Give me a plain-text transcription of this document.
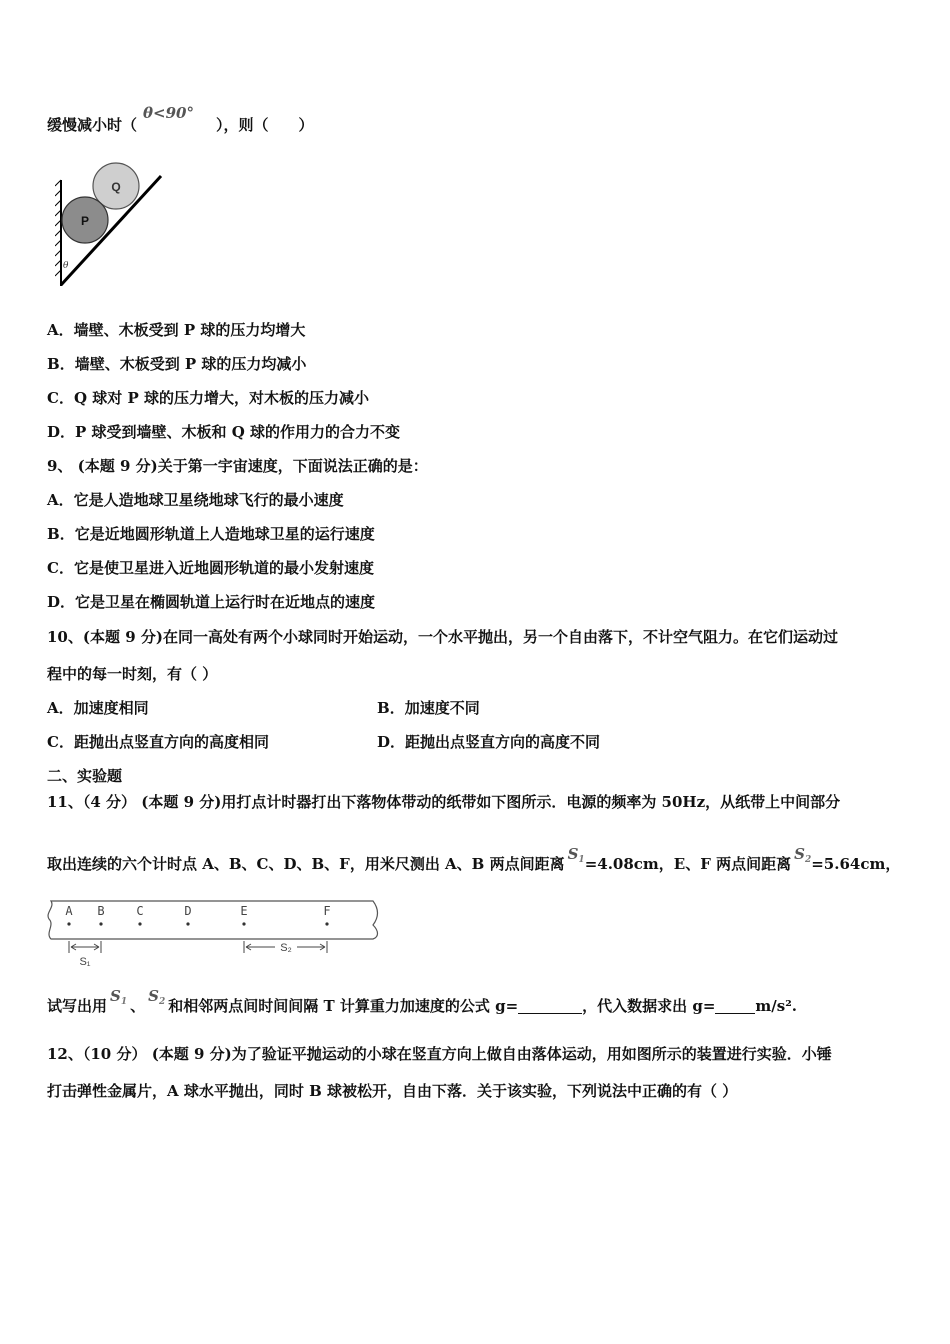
缓慢减小时（θ<90°），则（　　）
Q
P
θ
A．墙壁、木板受到 P 球的压力均增大
B．墙壁、木板受到 P 球的压力均减小
C．Q 球对 P 球的压力增大，对木板的压力减小
D．P 球受到墙壁、木板和 Q 球的作用力的合力不变
9、 (本题 9 分)关于第一宇宙速度，下面说法正确的是：
A．它是人造地球卫星绕地球飞行的最小速度
B．它是近地圆形轨道上人造地球卫星的运行速度
C．它是使卫星进入近地圆形轨道的最小发射速度
D．它是卫星在椭圆轨道上运行时在近地点的速度
10、(本题 9 分)在同一高处有两个小球同时开始运动，一个水平抛出，另一个自由落下，不计空气阻力。在它们运动过
程中的每一时刻，有（ ）
A．加速度相同	B．加速度不同
C．距抛出点竖直方向的高度相同	D．距抛出点竖直方向的高度不同
二、实验题
11、（4 分） (本题 9 分)用打点计时器打出下落物体带动的纸带如下图所示．电源的频率为 50Hz，从纸带上中间部分
取出连续的六个计时点 A、B、C、D、B、F，用米尺测出 A、B 两点间距离$S_1=4.08cm$，E、F 两点间距离$S_2=5.64cm$，
A B	C	D	E	F
S₁
S₂
试写出用$S_1$ 、$S_2$ 和相邻两点间时间间隔 T 计算重力加速度的公式 g=	，代入数据求出 g=	m/s².
12、（10 分） (本题 9 分)为了验证平抛运动的小球在竖直方向上做自由落体运动，用如图所示的装置进行实验．小锤
打击弹性金属片，A 球水平抛出，同时 B 球被松开，自由下落．关于该实验，下列说法中正确的有（ ）
